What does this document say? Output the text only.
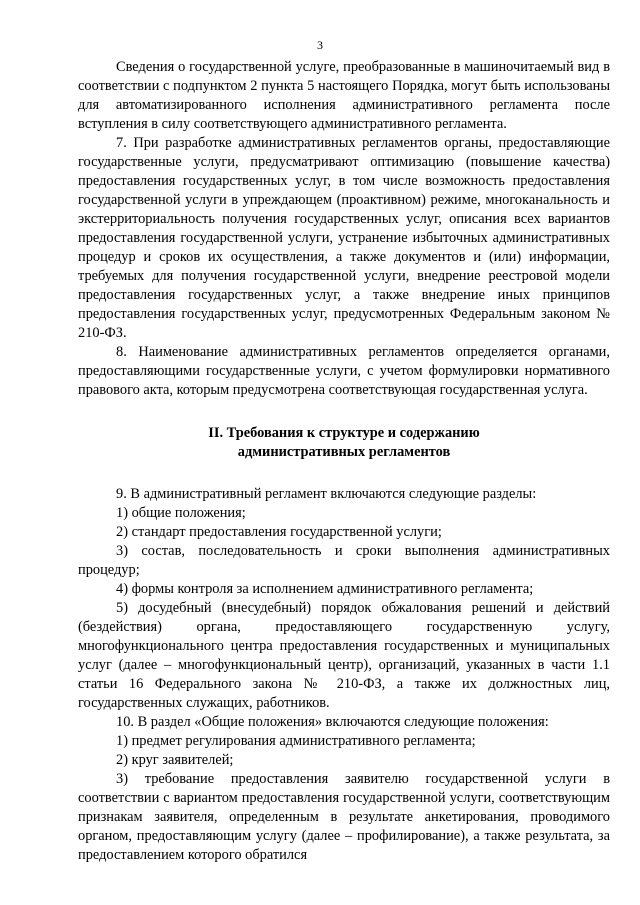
3

Сведения о государственной услуге, преобразованные в машиночитаемый вид в соответствии с подпунктом 2 пункта 5 настоящего Порядка, могут быть использованы для автоматизированного исполнения административного регламента после вступления в силу соответствующего административного регламента.

7. При разработке административных регламентов органы, предоставляющие государственные услуги, предусматривают оптимизацию (повышение качества) предоставления государственных услуг, в том числе возможность предоставления государственной услуги в упреждающем (проактивном) режиме, многоканальность и экстерриториальность получения государственных услуг, описания всех вариантов предоставления государственной услуги, устранение избыточных административных процедур и сроков их осуществления, а также документов и (или) информации, требуемых для получения государственной услуги, внедрение реестровой модели предоставления государственных услуг, а также внедрение иных принципов предоставления государственных услуг, предусмотренных Федеральным законом № 210-ФЗ.

8. Наименование административных регламентов определяется органами, предоставляющими государственные услуги, с учетом формулировки нормативного правового акта, которым предусмотрена соответствующая государственная услуга.

II. Требования к структуре и содержанию
административных регламентов

9. В административный регламент включаются следующие разделы:

1) общие положения;

2) стандарт предоставления государственной услуги;

3) состав, последовательность и сроки выполнения административных процедур;

4) формы контроля за исполнением административного регламента;

5) досудебный (внесудебный) порядок обжалования решений и действий (бездействия) органа, предоставляющего государственную услугу, многофункционального центра предоставления государственных и муниципальных услуг (далее – многофункциональный центр), организаций, указанных в части 1.1 статьи 16 Федерального закона № 210-ФЗ, а также их должностных лиц, государственных служащих, работников.

10. В раздел «Общие положения» включаются следующие положения:

1) предмет регулирования административного регламента;

2) круг заявителей;

3) требование предоставления заявителю государственной услуги в соответствии с вариантом предоставления государственной услуги, соответствующим признакам заявителя, определенным в результате анкетирования, проводимого органом, предоставляющим услугу (далее – профилирование), а также результата, за предоставлением которого обратился
